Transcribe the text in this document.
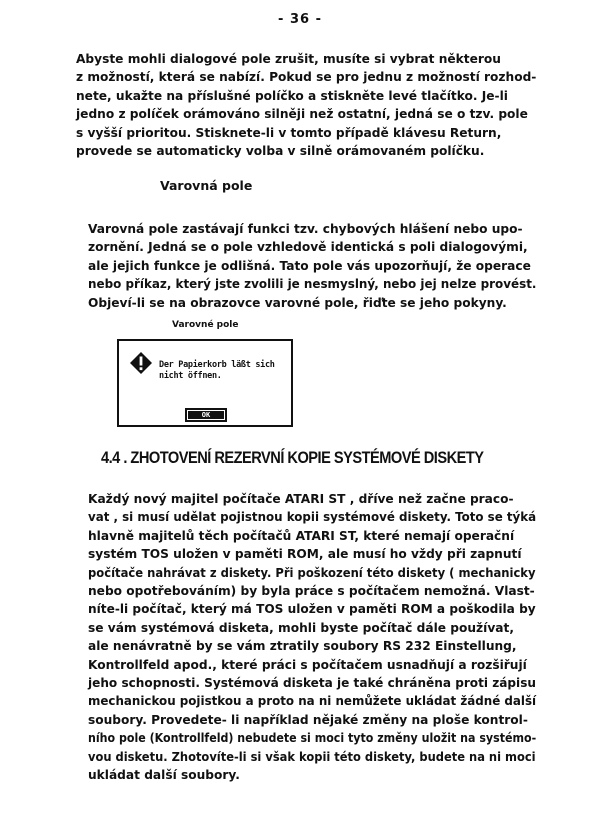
- 36 -

Abyste mohli dialogové pole zrušit, musíte si vybrat některou
z možností, která se nabízí. Pokud se pro jednu z možností rozhod-
nete, ukažte na příslušné políčko a stiskněte levé tlačítko. Je-li
jedno z políček orámováno silněji než ostatní, jedná se o tzv. pole
s vyšší prioritou. Stisknete-li v tomto případě klávesu Return,
provede se automaticky volba v silně orámovaném políčku.

Varovná pole

Varovná pole zastávají funkci tzv. chybových hlášení nebo upo-
zornění. Jedná se o pole vzhledově identická s poli dialogovými,
ale jejich funkce je odlišná. Tato pole vás upozorňují, že operace
nebo příkaz, který jste zvolili je nesmyslný, nebo jej nelze provést.
Objeví-li se na obrazovce varovné pole, řiďte se jeho pokyny.

Varovné pole
Der Papierkorb läßt sich
nicht öffnen.
OK
4.4 . ZHOTOVENÍ REZERVNÍ KOPIE SYSTÉMOVÉ DISKETY

Každý nový majitel počítače ATARI ST , dříve než začne praco-
vat , si musí udělat pojistnou kopii systémové diskety. Toto se týká
hlavně majitelů těch počítačů ATARI ST, které nemají operační
systém TOS uložen v paměti ROM, ale musí ho vždy při zapnutí
počítače nahrávat z diskety. Při poškození této diskety ( mechanicky
nebo opotřebováním) by byla práce s počítačem nemožná. Vlast-
níte-li počítač, který má TOS uložen v paměti ROM a poškodila by
se vám systémová disketa, mohli byste počítač dále používat,
ale nenávratně by se vám ztratily soubory RS 232 Einstellung,
Kontrollfeld apod., které práci s počítačem usnadňují a rozšiřují
jeho schopnosti. Systémová disketa je také chráněna proti zápisu
mechanickou pojistkou a proto na ni nemůžete ukládat žádné další
soubory. Provedete- li například nějaké změny na ploše kontrol-
ního pole (Kontrollfeld) nebudete si moci tyto změny uložit na systémo-
vou disketu. Zhotovíte-li si však kopii této diskety, budete na ni moci
ukládat další soubory.
